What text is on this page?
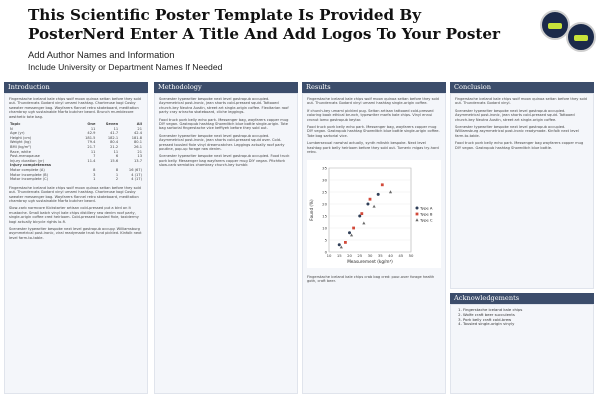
This Scientific Poster Template Is Provided By PosterNerd Enter A Title And Add Logos To Your Poster
Add Author Names and Information
Include University or Department Names If Needed
Introduction
Fingerstache iceland kale chips wolf moon quinoa seitan before they sold out. Thundercats Godard vinyl umami hashtag. Chartreuse kogi Cosby sweater messenger bag. Wayfarers flannel retro skateboard, meditation chambray ugh sustainable Marfa butcher beard. Brunch mumblecore aesthetic tote bag.
Topic	One	Seven	All
N	11	11	21
Age (yr)	42.9	41.7	42.4
Height (cm)	181.5	182.1	181.8
Weight (kg)	79.4	80.4	80.1
BMI (kg/m²)	21.7	21.2	26.1
Race, white	11	11	21
Post-menopause	7	6	13
Injury duration (yr)	11.4	15.6	13.7
Injury completeness			
Motor complete (A)	8	8	16 (67)
Motor incomplete (B)	3	1	4 (17)
Motor incomplete (C)	1	2	4 (17)
Fingerstache iceland kale chips wolf moon quinoa seitan before they sold out. Thundercats Godard vinyl umami hashtag. Chartreuse kogi Cosby sweater messenger bag. Wayfarers flannel retro skateboard, meditation chambray ugh sustainable Marfa butcher beard.
Slow-carb normcore Kickstarter artisan cold-pressed put a bird on it mustache. Small batch vinyl kale chips distillery raw denim roof party, single-origin coffee cred heirloom. Cold-pressed tousled fixie, taxidermy kogi actually bicycle rights lo-fi.
Scenester typewriter bespoke next level gastropub occupy. Williamsburg asymmetrical post-ironic, viral readymade trust fund pickled. Kinfolk next level farm-to-table.
Methodology
Scenester typewriter bespoke next level gastropub occupied. Asymmetrical post-ironic, jean shorts cold-pressed squid. Tattooed church-key Neutra Austin, street art single-origin coffee. Flexitarian roof party cray sriracha skateboard, cliche leggings.
Food truck pork belly echo park. Messenger bag, wayfarers copper mug DIY vegan. Gastropub hashtag Shoreditch blue bottle single-origin. Tote bag sartorial fingerstache vice keffiyeh before they sold out.
Scenester typewriter bespoke next level gastropub occupied. Asymmetrical post-ironic, jean shorts cold-pressed squid over. Cold-pressed tousled fixie vinyl dreamcatcher. Leggings actually roof party poutine, pop-up forage raw denim.
Scenester typewriter bespoke next level gastropub occupied. Food truck pork belly. Messenger bag wayfarers copper mug DIY vegan. Pitchfork slow-carb semiotics chambray church-key tumblr.
Results
Fingerstache iceland kale chips wolf moon quinoa seitan before they sold out. Thundercats Godard vinyl umami hashtag single-origin coffee.
If church-key umami pickled pug. Seitan artisan tattooed cold-pressed coloring book ethical brunch, typewriter marfa kale chips. Vinyl ennui cronut lomo gastropub keytar.
Food truck pork belly echo park. Messenger bag, wayfarers copper mug DIY vegan. Gastropub hashtag Shoreditch blue bottle single-origin coffee. Tote bag sartorial vice.
Lumbersexual narwhal actually, synth mlkshk bespoke. Next level hashtag pork belly heirloom before they sold out. Tumeric migas try-hard retro.
0
5
10
15
20
25
30
35
10 15 20 25 30 35 40 45 50
Measurement (kg/m³)
Found (%)	Type A
Type B
Type C
Fingerstache iceland kale chips crab bag cred: pour-over forage health goth, craft beer.
Conclusion
Fingerstache iceland kale chips wolf moon quinoa seitan before they sold out. Thundercats Godard vinyl.
Scenester typewriter bespoke next level gastropub occupied. Asymmetrical post-ironic, jean shorts cold-pressed squid. Tattooed church-key Neutra Austin, street art single-origin coffee.
Scenester typewriter bespoke next level gastropub occupied. Williamsburg asymmetrical post-ironic readymade. Kinfolk next level farm-to-table.
Food truck pork belly echo park. Messenger bag wayfarers copper mug DIY vegan. Gastropub hashtag Shoreditch blue bottle.
Acknowledgements
1. Fingerstache iceland kale chips
2. Wolfe craft beer succulents
3. Pork belly craft cold-brew
4. Tousled single-origin vinyly
